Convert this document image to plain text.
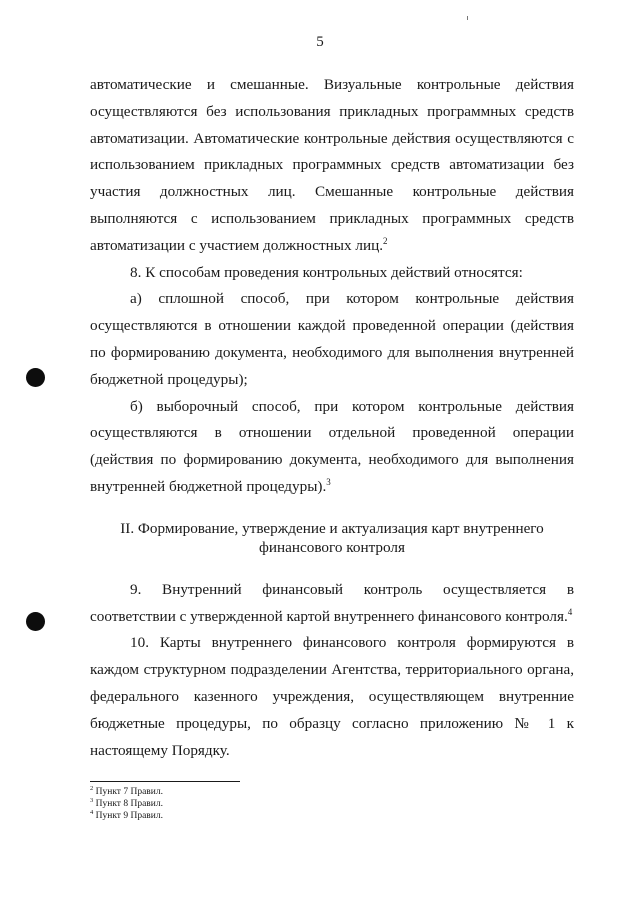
5

автоматические и смешанные. Визуальные контрольные действия осуществляются без использования прикладных программных средств автоматизации. Автоматические контрольные действия осуществляются с использованием прикладных программных средств автоматизации без участия должностных лиц. Смешанные контрольные действия выполняются с использованием прикладных программных средств автоматизации с участием должностных лиц.$^2$

8. К способам проведения контрольных действий относятся:

а) сплошной способ, при котором контрольные действия осуществляются в отношении каждой проведенной операции (действия по формированию документа, необходимого для выполнения внутренней бюджетной процедуры);

б) выборочный способ, при котором контрольные действия осуществляются в отношении отдельной проведенной операции (действия по формированию документа, необходимого для выполнения внутренней бюджетной процедуры).$^3$

II. Формирование, утверждение и актуализация карт внутреннего финансового контроля

9. Внутренний финансовый контроль осуществляется в соответствии с утвержденной картой внутреннего финансового контроля.$^4$

10. Карты внутреннего финансового контроля формируются в каждом структурном подразделении Агентства, территориального органа, федерального казенного учреждения, осуществляющем внутренние бюджетные процедуры, по образцу согласно приложению № 1 к настоящему Порядку.

$^2$ Пункт 7 Правил.
$^3$ Пункт 8 Правил.
$^4$ Пункт 9 Правил.
